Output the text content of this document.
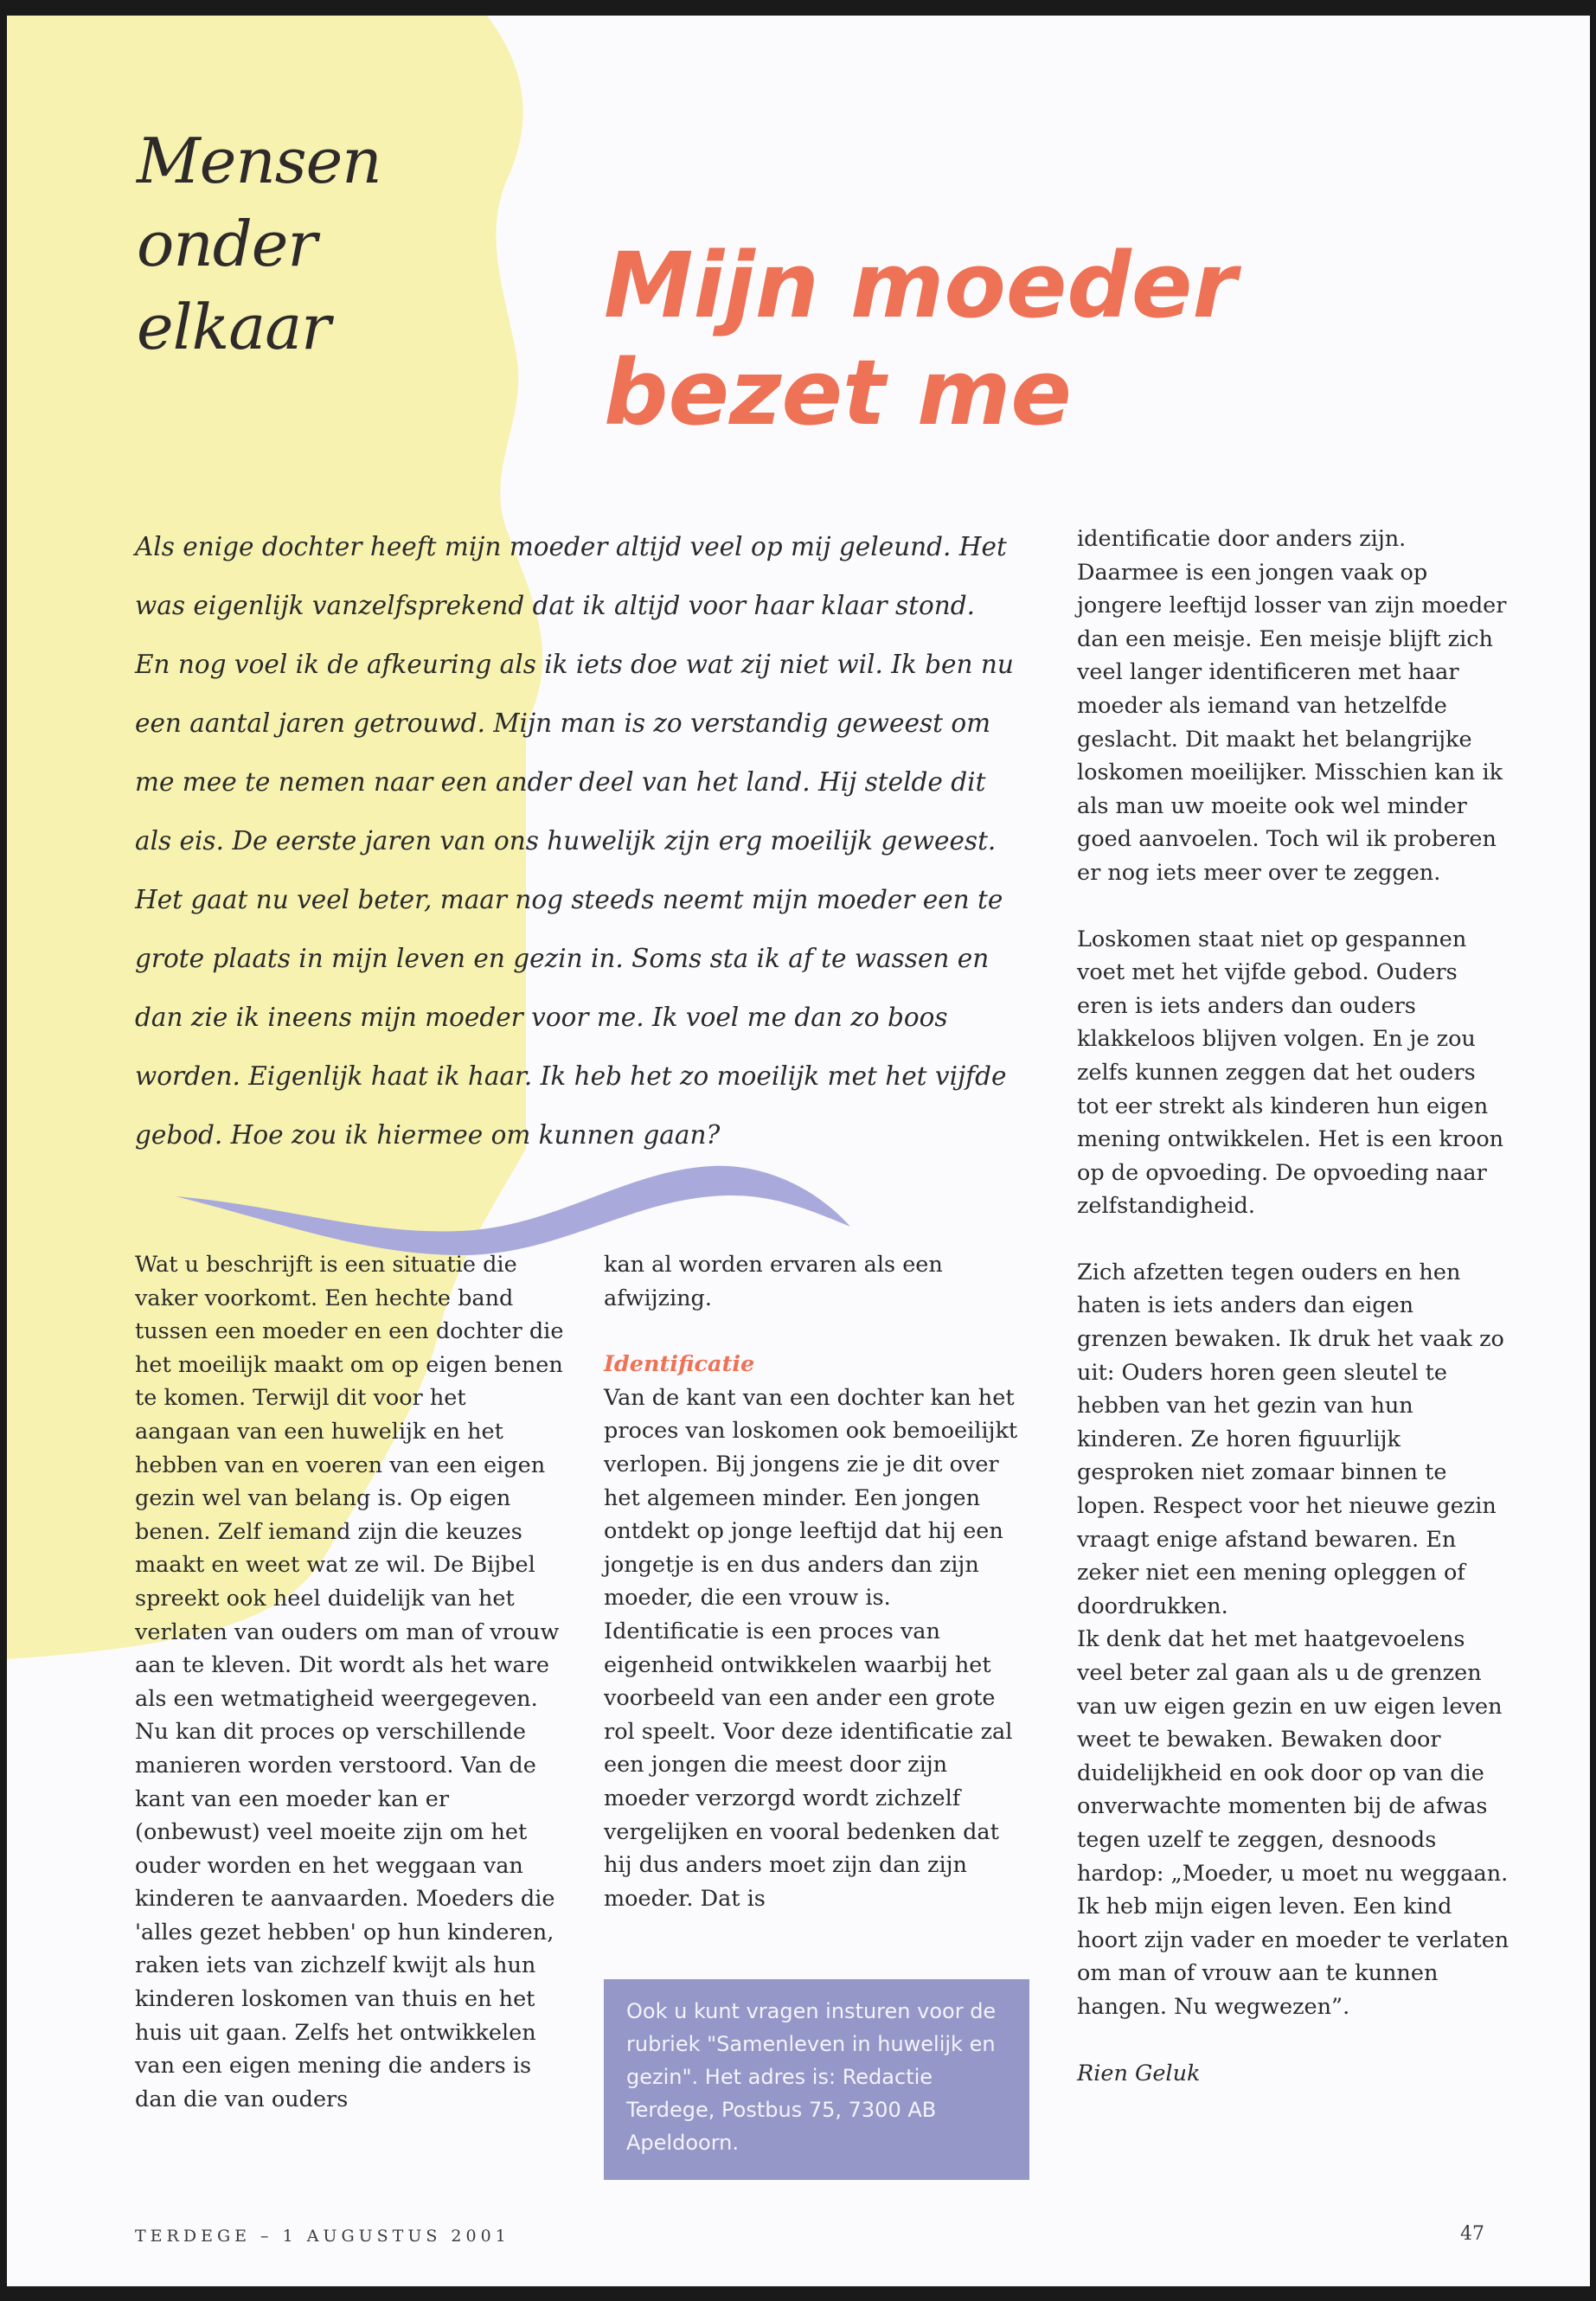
Mensen
onder
elkaar	Mijn moeder
bezet me

Als enige dochter heeft mijn moeder altijd veel op mij geleund. Het was eigenlijk vanzelfsprekend dat ik altijd voor haar klaar stond. En nog voel ik de afkeuring als ik iets doe wat zij niet wil. Ik ben nu een aantal jaren getrouwd. Mijn man is zo verstandig geweest om me mee te nemen naar een ander deel van het land. Hij stelde dit als eis. De eerste jaren van ons huwelijk zijn erg moeilijk geweest. Het gaat nu veel beter, maar nog steeds neemt mijn moeder een te grote plaats in mijn leven en gezin in. Soms sta ik af te wassen en dan zie ik ineens mijn moeder voor me. Ik voel me dan zo boos worden. Eigenlijk haat ik haar. Ik heb het zo moeilijk met het vijfde gebod. Hoe zou ik hiermee om kunnen gaan?

Wat u beschrijft is een situatie die vaker voorkomt. Een hechte band tussen een moeder en een dochter die het moeilijk maakt om op eigen benen te komen. Terwijl dit voor het aangaan van een huwelijk en het hebben van en voeren van een eigen gezin wel van belang is. Op eigen benen. Zelf iemand zijn die keuzes maakt en weet wat ze wil. De Bijbel spreekt ook heel duidelijk van het verlaten van ouders om man of vrouw aan te kleven. Dit wordt als het ware als een wetmatigheid weergegeven.

Nu kan dit proces op verschillende manieren worden verstoord. Van de kant van een moeder kan er (onbewust) veel moeite zijn om het ouder worden en het weggaan van kinderen te aanvaarden. Moeders die 'alles gezet hebben' op hun kinderen, raken iets van zichzelf kwijt als hun kinderen loskomen van thuis en het huis uit gaan. Zelfs het ontwikkelen van een eigen mening die anders is dan die van ouders

kan al worden ervaren als een afwijzing.

Identificatie

Van de kant van een dochter kan het proces van loskomen ook bemoeilijkt verlopen. Bij jongens zie je dit over het algemeen minder. Een jongen ontdekt op jonge leeftijd dat hij een jongetje is en dus anders dan zijn moeder, die een vrouw is. Identificatie is een proces van eigenheid ontwikkelen waarbij het voorbeeld van een ander een grote rol speelt. Voor deze identificatie zal een jongen die meest door zijn moeder verzorgd wordt zichzelf vergelijken en vooral bedenken dat hij dus anders moet zijn dan zijn moeder. Dat is

Ook u kunt vragen insturen voor de rubriek "Samenleven in huwelijk en gezin". Het adres is: Redactie Terdege, Postbus 75, 7300 AB Apeldoorn.

identificatie door anders zijn. Daarmee is een jongen vaak op jongere leeftijd losser van zijn moeder dan een meisje. Een meisje blijft zich veel langer identificeren met haar moeder als iemand van hetzelfde geslacht. Dit maakt het belangrijke loskomen moeilijker. Misschien kan ik als man uw moeite ook wel minder goed aanvoelen. Toch wil ik proberen er nog iets meer over te zeggen.

Loskomen staat niet op gespannen voet met het vijfde gebod. Ouders eren is iets anders dan ouders klakkeloos blijven volgen. En je zou zelfs kunnen zeggen dat het ouders tot eer strekt als kinderen hun eigen mening ontwikkelen. Het is een kroon op de opvoeding. De opvoeding naar zelfstandigheid.

Zich afzetten tegen ouders en hen haten is iets anders dan eigen grenzen bewaken. Ik druk het vaak zo uit: Ouders horen geen sleutel te hebben van het gezin van hun kinderen. Ze horen figuurlijk gesproken niet zomaar binnen te lopen. Respect voor het nieuwe gezin vraagt enige afstand bewaren. En zeker niet een mening opleggen of doordrukken.

Ik denk dat het met haatgevoelens veel beter zal gaan als u de grenzen van uw eigen gezin en uw eigen leven weet te bewaken. Bewaken door duidelijkheid en ook door op van die onverwachte momenten bij de afwas tegen uzelf te zeggen, desnoods hardop: „Moeder, u moet nu weggaan. Ik heb mijn eigen leven. Een kind hoort zijn vader en moeder te verlaten om man of vrouw aan te kunnen hangen. Nu wegwezen”.

Rien Geluk

TERDEGE – 1 AUGUSTUS 2001	47
